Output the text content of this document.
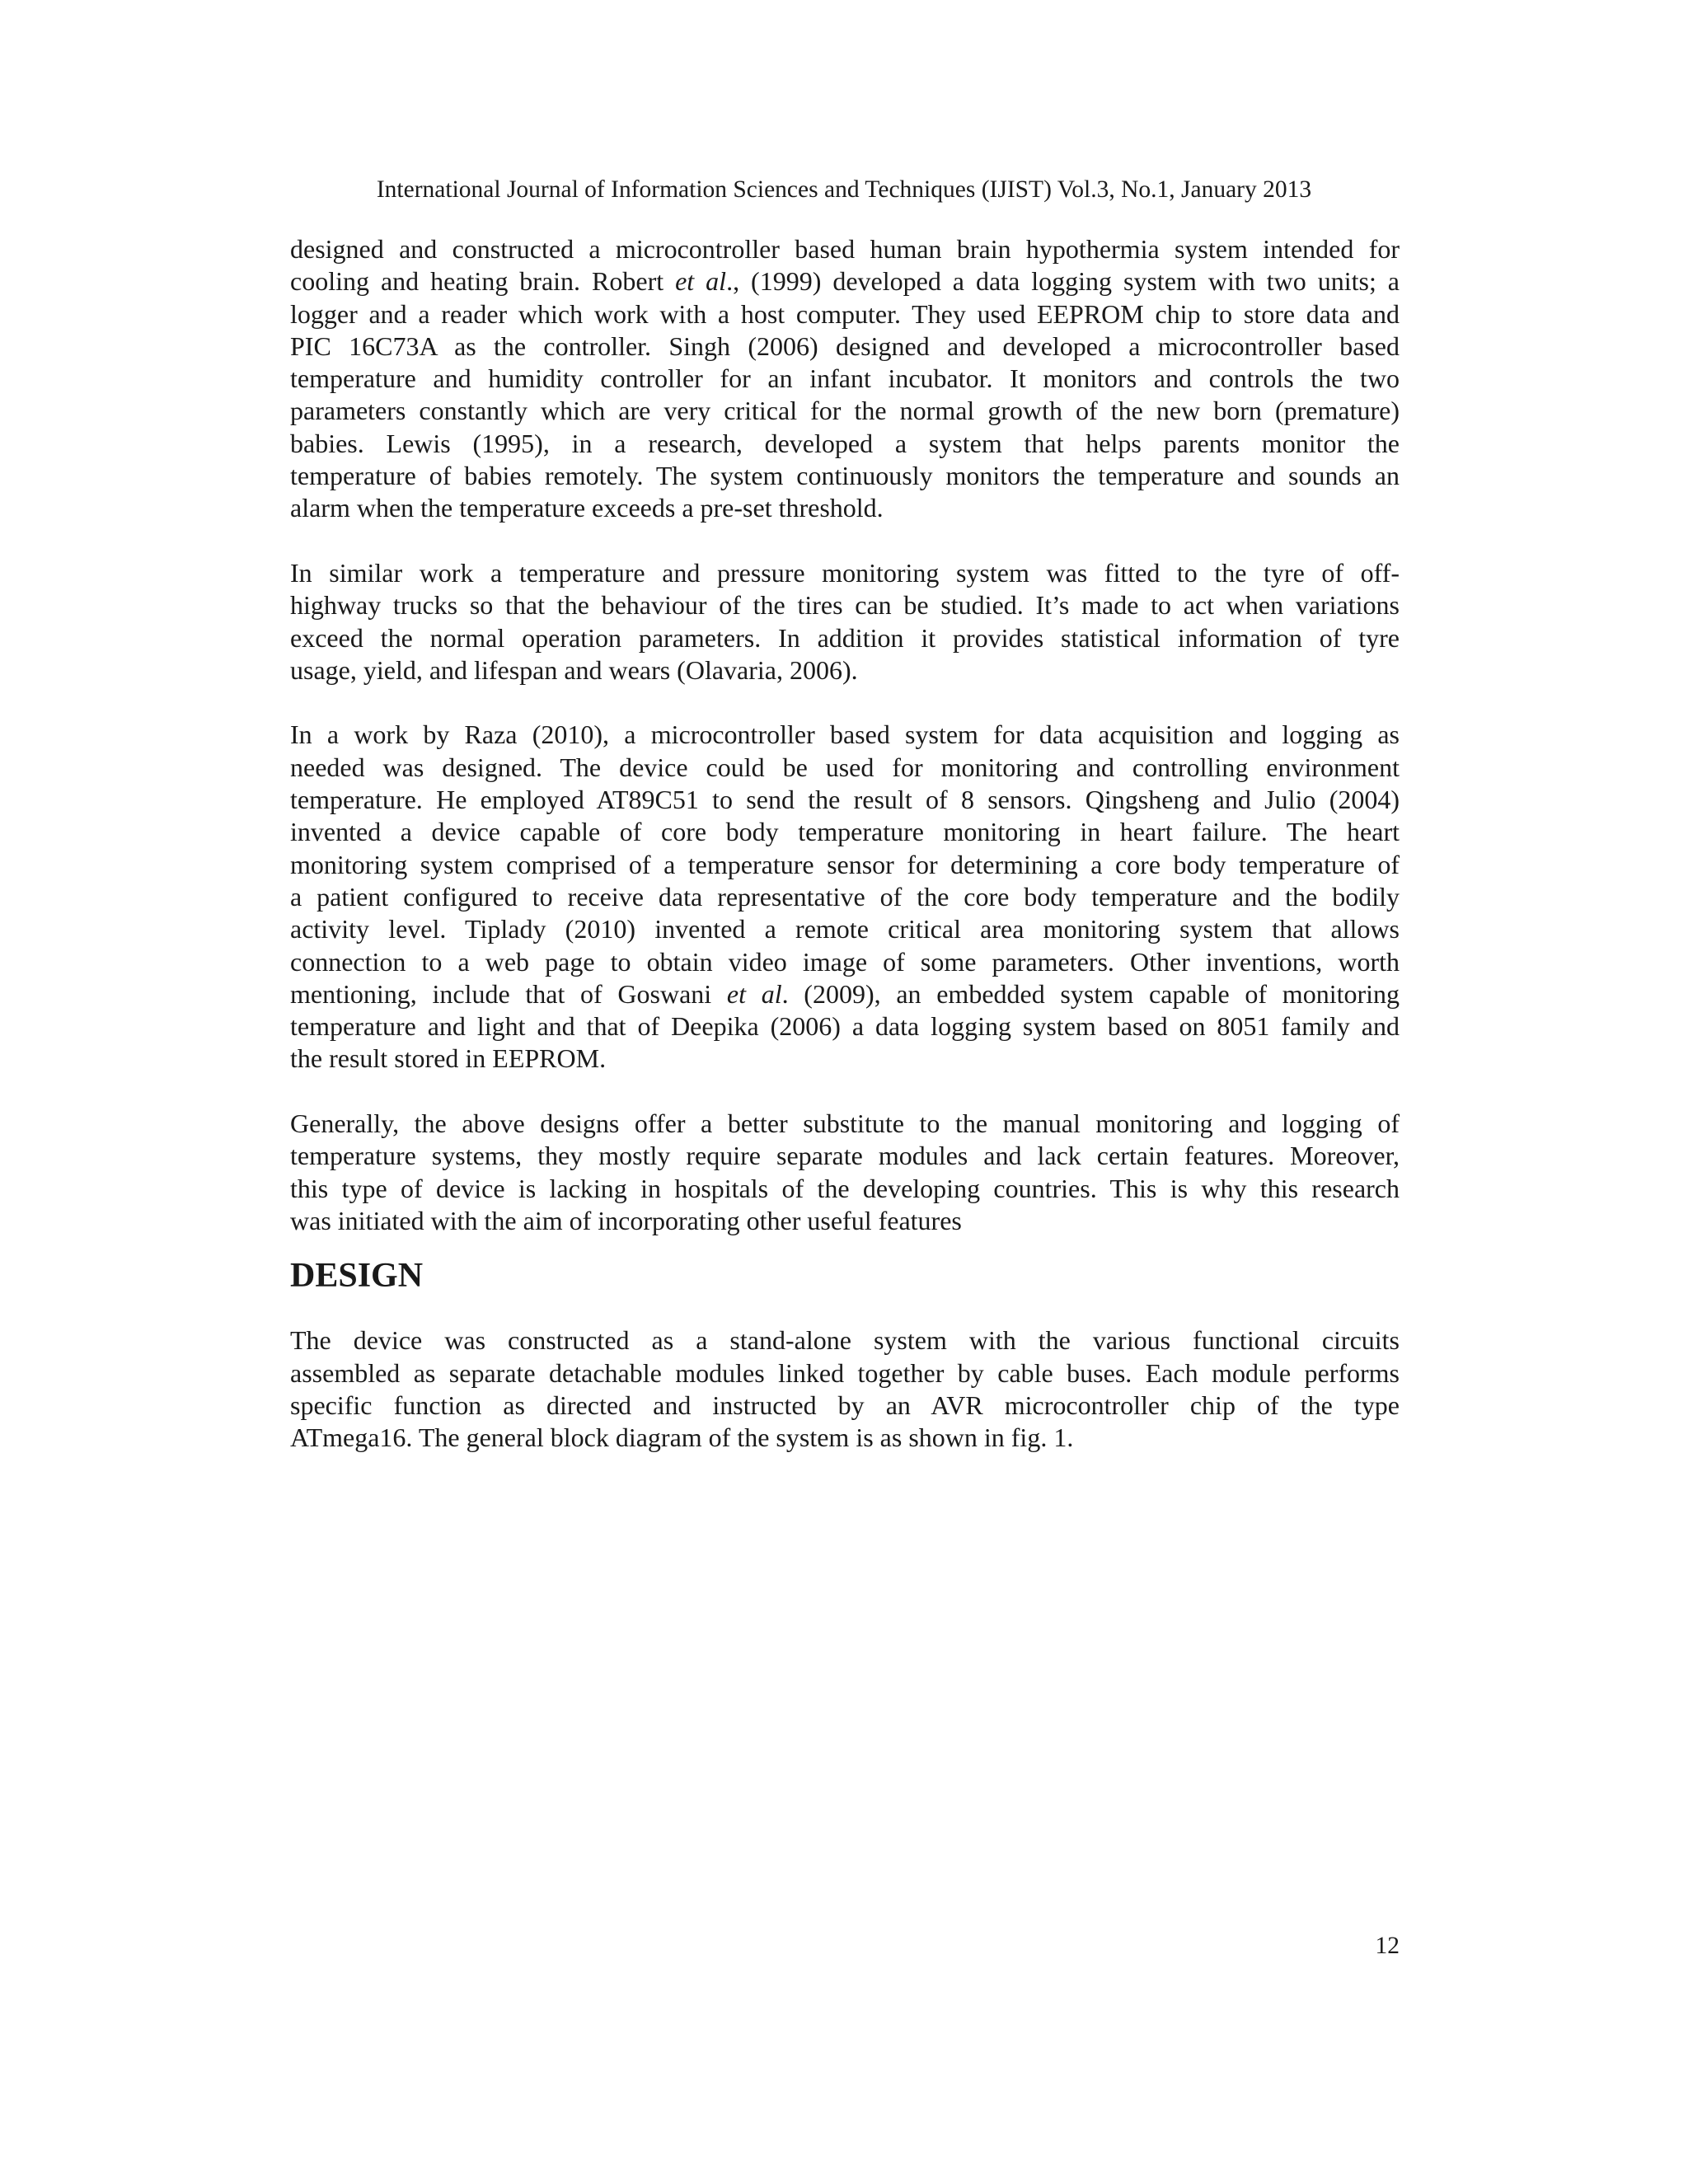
International Journal of Information Sciences and Techniques (IJIST) Vol.3, No.1, January 2013

designed and constructed a microcontroller based human brain hypothermia system intended for
cooling and heating brain. Robert et al., (1999) developed a data logging system with two units; a
logger and a reader which work with a host computer. They used EEPROM chip to store data and
PIC 16C73A as the controller. Singh (2006) designed and developed a microcontroller based
temperature and humidity controller for an infant incubator. It monitors and controls the two
parameters constantly which are very critical for the normal growth of the new born (premature)
babies. Lewis (1995), in a research, developed a system that helps parents monitor the
temperature of babies remotely. The system continuously monitors the temperature and sounds an
alarm when the temperature exceeds a pre-set threshold.

In similar work a temperature and pressure monitoring system was fitted to the tyre of off-
highway trucks so that the behaviour of the tires can be studied. It’s made to act when variations
exceed the normal operation parameters. In addition it provides statistical information of tyre
usage, yield, and lifespan and wears (Olavaria, 2006).

In a work by Raza (2010), a microcontroller based system for data acquisition and logging as
needed was designed. The device could be used for monitoring and controlling environment
temperature. He employed AT89C51 to send the result of 8 sensors. Qingsheng and Julio (2004)
invented a device capable of core body temperature monitoring in heart failure. The heart
monitoring system comprised of a temperature sensor for determining a core body temperature of
a patient configured to receive data representative of the core body temperature and the bodily
activity level. Tiplady (2010) invented a remote critical area monitoring system that allows
connection to a web page to obtain video image of some parameters. Other inventions, worth
mentioning, include that of Goswani et al. (2009), an embedded system capable of monitoring
temperature and light and that of Deepika (2006) a data logging system based on 8051 family and
the result stored in EEPROM.

Generally, the above designs offer a better substitute to the manual monitoring and logging of
temperature systems, they mostly require separate modules and lack certain features. Moreover,
this type of device is lacking in hospitals of the developing countries. This is why this research
was initiated with the aim of incorporating other useful features

DESIGN

The device was constructed as a stand-alone system with the various functional circuits
assembled as separate detachable modules linked together by cable buses. Each module performs
specific function as directed and instructed by an AVR microcontroller chip of the type
ATmega16. The general block diagram of the system is as shown in fig. 1.

12
